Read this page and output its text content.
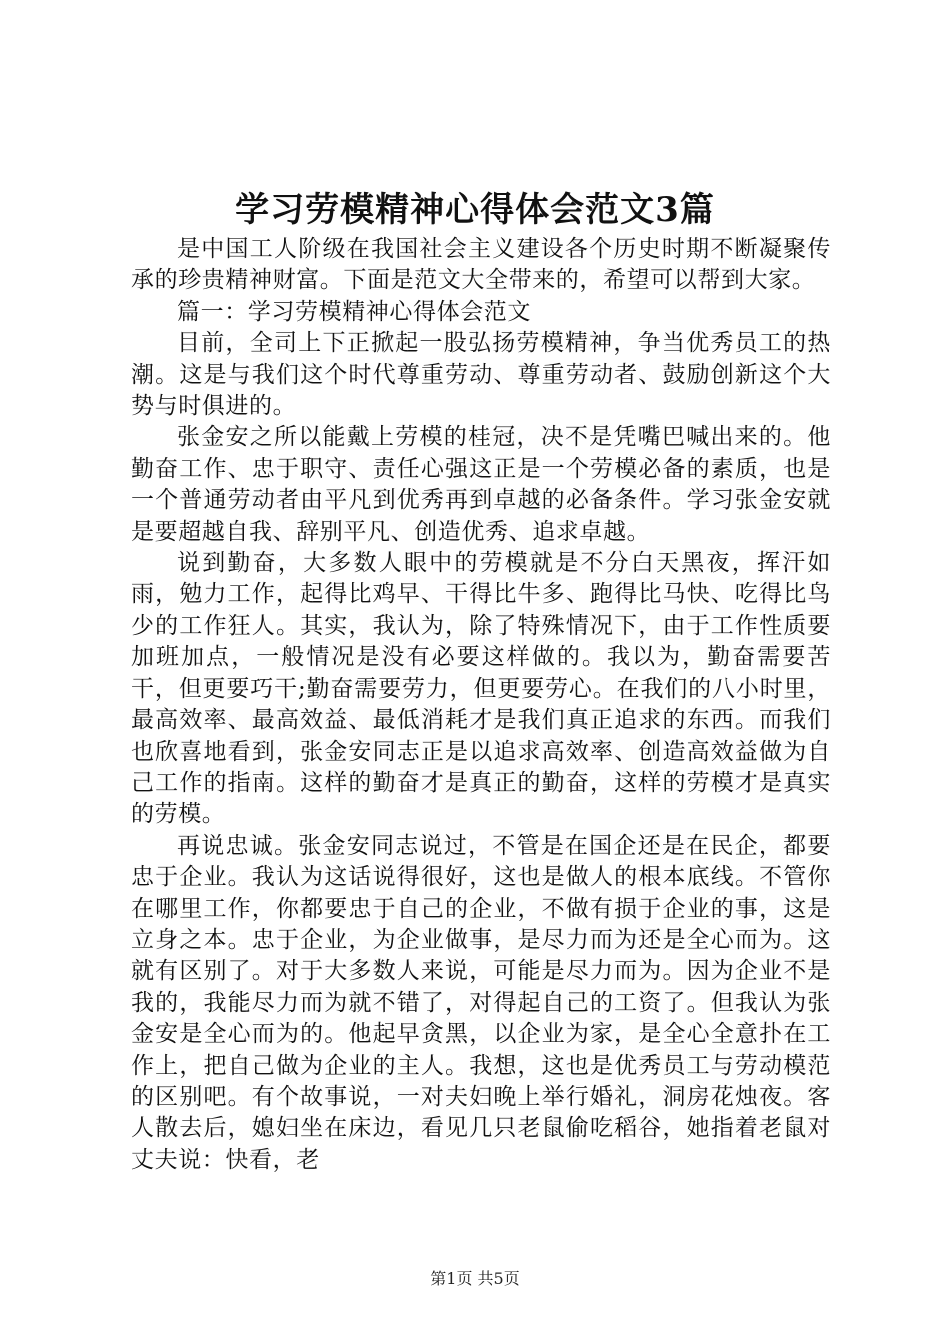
学习劳模精神心得体会范文3篇

是中国工人阶级在我国社会主义建设各个历史时期不断凝聚传承的珍贵精神财富。下面是范文大全带来的，希望可以帮到大家。

篇一：学习劳模精神心得体会范文

目前，全司上下正掀起一股弘扬劳模精神，争当优秀员工的热潮。这是与我们这个时代尊重劳动、尊重劳动者、鼓励创新这个大势与时俱进的。

张金安之所以能戴上劳模的桂冠，决不是凭嘴巴喊出来的。他勤奋工作、忠于职守、责任心强这正是一个劳模必备的素质，也是一个普通劳动者由平凡到优秀再到卓越的必备条件。学习张金安就是要超越自我、辞别平凡、创造优秀、追求卓越。

说到勤奋，大多数人眼中的劳模就是不分白天黑夜，挥汗如雨，勉力工作，起得比鸡早、干得比牛多、跑得比马快、吃得比鸟少的工作狂人。其实，我认为，除了特殊情况下，由于工作性质要加班加点，一般情况是没有必要这样做的。我以为，勤奋需要苦干，但更要巧干;勤奋需要劳力，但更要劳心。在我们的八小时里，最高效率、最高效益、最低消耗才是我们真正追求的东西。而我们也欣喜地看到，张金安同志正是以追求高效率、创造高效益做为自己工作的指南。这样的勤奋才是真正的勤奋，这样的劳模才是真实的劳模。

再说忠诚。张金安同志说过，不管是在国企还是在民企，都要忠于企业。我认为这话说得很好，这也是做人的根本底线。不管你在哪里工作，你都要忠于自己的企业，不做有损于企业的事，这是立身之本。忠于企业，为企业做事，是尽力而为还是全心而为。这就有区别了。对于大多数人来说，可能是尽力而为。因为企业不是我的，我能尽力而为就不错了，对得起自己的工资了。但我认为张金安是全心而为的。他起早贪黑，以企业为家，是全心全意扑在工作上，把自己做为企业的主人。我想，这也是优秀员工与劳动模范的区别吧。有个故事说，一对夫妇晚上举行婚礼，洞房花烛夜。客人散去后，媳妇坐在床边，看见几只老鼠偷吃稻谷，她指着老鼠对丈夫说：快看，老

第1页 共5页
